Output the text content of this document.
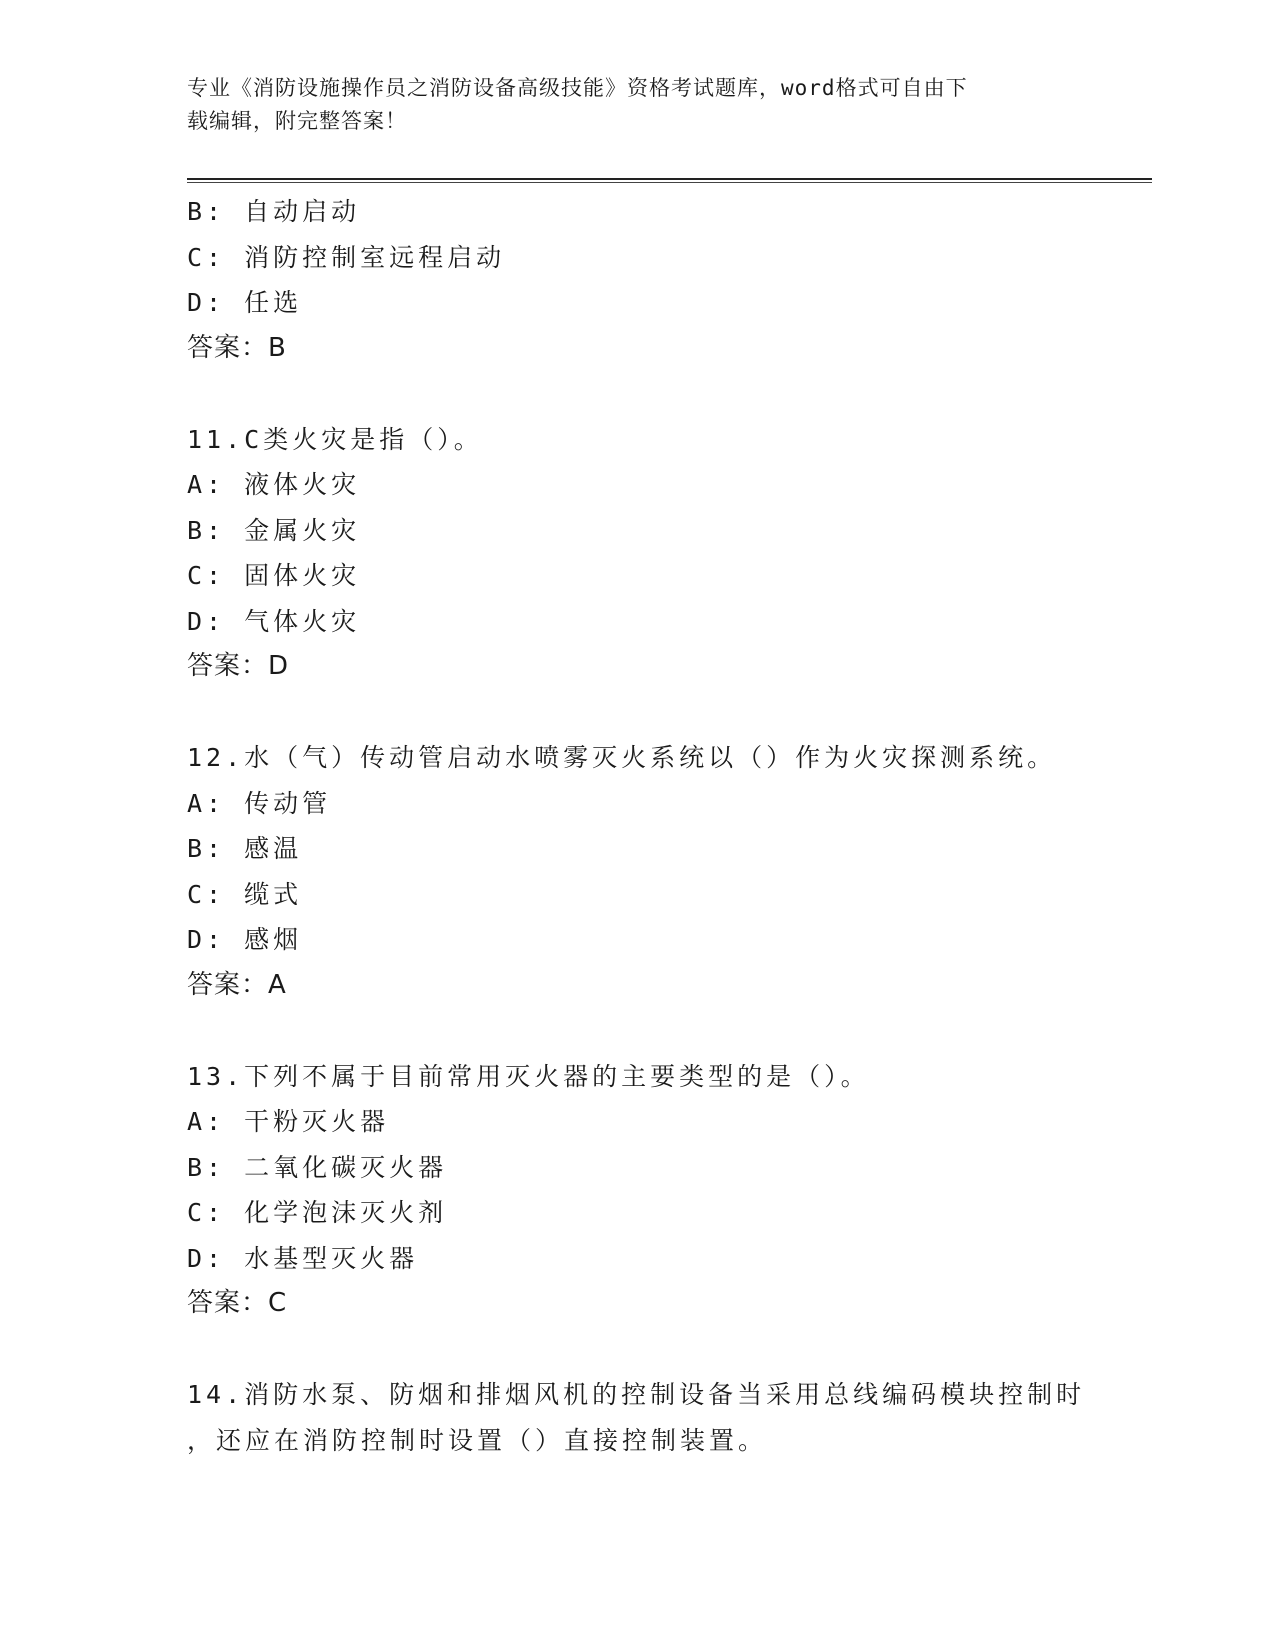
专业《消防设施操作员之消防设备高级技能》资格考试题库，word格式可自由下
载编辑，附完整答案！
B: 自动启动
C: 消防控制室远程启动
D: 任选
答案：B
11.C类火灾是指（）。
A: 液体火灾
B: 金属火灾
C: 固体火灾
D: 气体火灾
答案：D
12.水（气）传动管启动水喷雾灭火系统以（）作为火灾探测系统。
A: 传动管
B: 感温
C: 缆式
D: 感烟
答案：A
13.下列不属于目前常用灭火器的主要类型的是（）。
A: 干粉灭火器
B: 二氧化碳灭火器
C: 化学泡沫灭火剂
D: 水基型灭火器
答案：C
14.消防水泵、防烟和排烟风机的控制设备当采用总线编码模块控制时
，还应在消防控制时设置（）直接控制装置。
